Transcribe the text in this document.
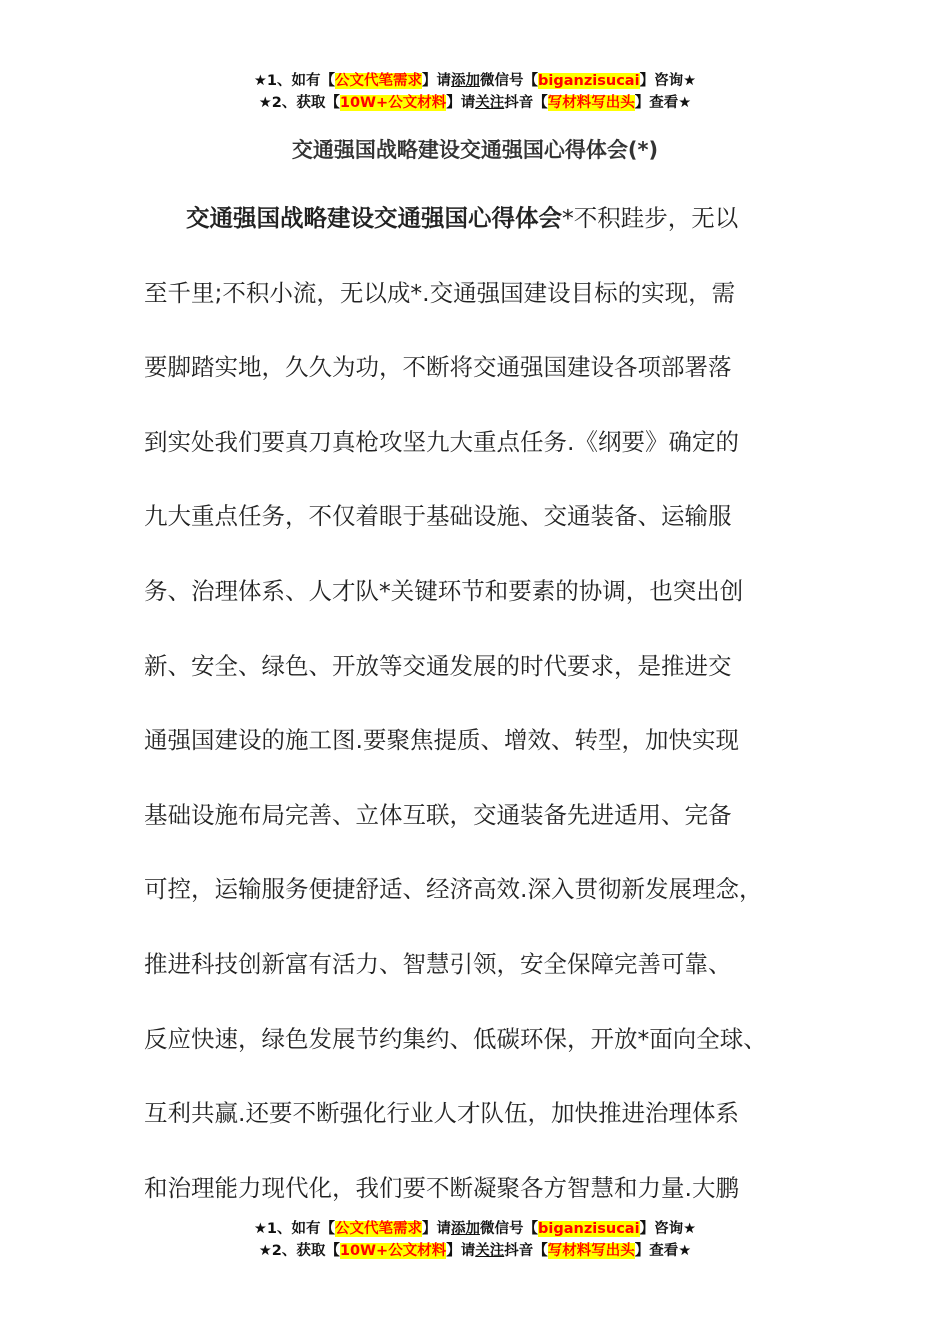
★1、如有【公文代笔需求】请添加微信号【biganzisucai】咨询★
★2、获取【10W+公文材料】请关注抖音【写材料写出头】查看★
交通强国战略建设交通强国心得体会(*)
交通强国战略建设交通强国心得体会*不积跬步，无以
至千里;不积小流，无以成*.交通强国建设目标的实现，需
要脚踏实地，久久为功，不断将交通强国建设各项部署落
到实处我们要真刀真枪攻坚九大重点任务.《纲要》确定的
九大重点任务，不仅着眼于基础设施、交通装备、运输服
务、治理体系、人才队*关键环节和要素的协调，也突出创
新、安全、绿色、开放等交通发展的时代要求，是推进交
通强国建设的施工图.要聚焦提质、增效、转型，加快实现
基础设施布局完善、立体互联，交通装备先进适用、完备
可控，运输服务便捷舒适、经济高效.深入贯彻新发展理念，
推进科技创新富有活力、智慧引领，安全保障完善可靠、
反应快速，绿色发展节约集约、低碳环保，开放*面向全球、
互利共赢.还要不断强化行业人才队伍，加快推进治理体系
和治理能力现代化，我们要不断凝聚各方智慧和力量.大鹏
★1、如有【公文代笔需求】请添加微信号【biganzisucai】咨询★
★2、获取【10W+公文材料】请关注抖音【写材料写出头】查看★
